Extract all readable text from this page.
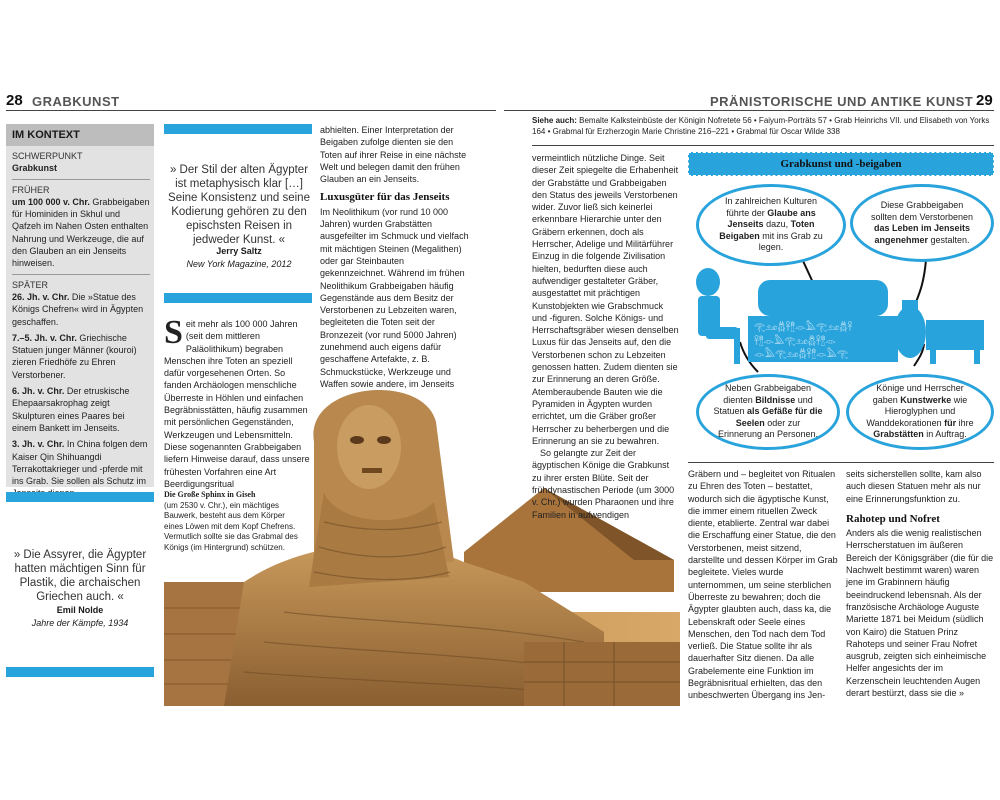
28 GRABKUNST
IM KONTEXT
SCHWERPUNKT
Grabkunst
FRÜHER
um 100 000 v. Chr. Grabbeigaben für Hominiden in Skhul und Qafzeh im Nahen Osten enthalten Nahrung und Werkzeuge, die auf den Glauben an ein Jenseits hinweisen.
SPÄTER
26. Jh. v. Chr. Die »Statue des Königs Chefren« wird in Ägypten geschaffen.
7.–5. Jh. v. Chr. Griechische Statuen junger Männer (kouroi) zieren Friedhöfe zu Ehren Verstorbener.
6. Jh. v. Chr. Der etruskische Ehepaarsakrophag zeigt Skulpturen eines Paares bei einem Bankett im Jenseits.
3. Jh. v. Chr. In China folgen dem Kaiser Qin Shihuangdi Terrakottakrieger und -pferde mit ins Grab. Sie sollen als Schutz im
» Die Assyrer, die Ägypter hatten mächtigen Sinn für Plastik, die archaischen Griechen auch. «
Emil Nolde
Jahre der Kämpfe, 1934
» Der Stil der alten Ägypter ist metaphysisch klar […] Seine Konsistenz und seine Kodierung gehören zu den epischsten Reisen in jedweder Kunst. «
Jerry Saltz
New York Magazine, 2012
S eit mehr als 100 000 Jahren (seit dem mittleren Paläolithikum) begraben Menschen ihre Toten an speziell dafür vorgesehenen Orten. So fanden Archäologen menschliche Überreste in Höhlen und einfachen Begräbnisstätten, häufig zusammen mit persönlichen Gegenständen, Werkzeugen und Lebensmitteln. Diese sogenannten Grabbeigaben liefern Hinweise darauf, dass unsere frühesten Vorfahren eine Art Beerdigungsritual

abhielten. Einer Interpretation der Beigaben zufolge dienten sie den Toten auf ihrer Reise in eine nächste Welt und belegen damit den frühen Glauben an ein Jenseits.

Luxusgüter für das Jenseits

Im Neolithikum (vor rund 10 000 Jahren) wurden Grabstätten ausgefeilter im Schmuck und vielfach mit mächtigen Steinen (Megalithen) oder gar Steinbauten gekennzeichnet. Während im frühen Neolithikum Grabbeigaben häufig Gegenstände aus dem Besitz der Verstorbenen zu Lebzeiten waren, begleiteten die Toten seit der Bronzezeit (vor rund 5000 Jahren) zunehmend auch eigens dafür geschaffene Artefakte, z. B. Schmuckstücke, Werkzeuge und Waffen sowie andere, im Jenseits

Die Große Sphinx in Giseh
(um 2530 v. Chr.), ein mächtiges Bauwerk, besteht aus dem Körper eines Löwen mit dem Kopf Chefrens. Vermutlich sollte sie das Grabmal des Königs (im Hintergrund) schützen.
PRÄNISTORISCHE UND ANTIKE KUNST 29
Siehe auch: Bemalte Kalksteinbüste der Königin Nofretete 56 • Faiyum-Porträts 57 • Grab Heinrichs VII. und Elisabeth von Yorks 164 • Grabmal für Erzherzogin Marie Christine 216–221 • Grabmal für Oscar Wilde 338

vermeintlich nützliche Dinge. Seit dieser Zeit spiegelte die Erhabenheit der Grabstätte und Grabbeigaben den Status des jeweils Verstorbenen wider. Zuvor ließ sich keinerlei erkennbare Hierarchie unter den Gräbern erkennen, doch als Herrscher, Adelige und Militärführer Einzug in die folgende Zivilisation hielten, bedurften diese auch aufwendiger gestalteter Gräber, ausgestattet mit prächtigen Kunstobjekten wie Grabschmuck und -figuren. Solche Königs- und Herrschaftsgräber wiesen denselben Luxus für das Jenseits auf, den die Verstorbenen schon zu Lebzeiten genossen hatten. Zudem dienten sie zur Erinnerung an deren Größe. Atemberaubende Bauten wie die Pyramiden in Ägypten wurden errichtet, um die Gräber großer Herrscher zu beherbergen und die Erinnerung an sie zu bewahren.

So gelangte zur Zeit der ägyptischen Könige die Grabkunst zu ihrer ersten Blüte. Seit der frühdynastischen Periode (um 3000 v. Chr.) wurden Pharaonen und ihre Familien in aufwendigen

Grabkunst und -beigaben
𓂀𓃭𓆣𓋹𓊽𓁹𓅓𓂀𓃭𓆣𓋹
𓋹𓊽𓁹𓅓𓂀𓃭𓆣𓋹𓊽𓁹
𓁹𓅓𓂀𓃭𓆣𓋹𓊽𓁹𓅓𓂀
In zahlreichen Kulturen führte der Glaube ans Jenseits dazu, Toten Beigaben mit ins Grab zu legen.
Diese Grabbeigaben sollten dem Verstorbenen das Leben im Jenseits angenehmer gestalten.
Neben Grabbeigaben dienten Bildnisse und Statuen als Gefäße für die Seelen oder zur Erinnerung an Personen.
Könige und Herrscher gaben Kunstwerke wie Hieroglyphen und Wanddekorationen für ihre Grabstätten in Auftrag.

Gräbern und – begleitet von Ritualen zu Ehren des Toten – bestattet, wodurch sich die ägyptische Kunst, die immer einem rituellen Zweck diente, etablierte. Zentral war dabei die Erschaffung einer Statue, die den Verstorbenen, meist sitzend, darstellte und dessen Körper im Grab begleitete. Vieles wurde unternommen, um seine sterblichen Überreste zu bewahren; doch die Ägypter glaubten auch, dass ka, die Lebenskraft oder Seele eines Menschen, den Tod nach dem Tod verließ. Die Statue sollte ihr als dauerhafter Sitz dienen. Da alle Grabelemente eine Funktion im Begräbnisritual erhielten, das den unbeschwerten Übergang ins Jen-

seits sicherstellen sollte, kam also auch diesen Statuen mehr als nur eine Erinnerungsfunktion zu.

Rahotep und Nofret

Anders als die wenig realistischen Herrscherstatuen im äußeren Bereich der Königsgräber (die für die Nachwelt bestimmt waren) waren jene im Grabinnern häufig beeindruckend lebensnah. Als der französische Archäologe Auguste Mariette 1871 bei Meidum (südlich von Kairo) die Statuen Prinz Rahoteps und seiner Frau Nofret ausgrub, zeigten sich einheimische Helfer angesichts der im Kerzenschein leuchtenden Augen derart bestürzt, dass sie die »
